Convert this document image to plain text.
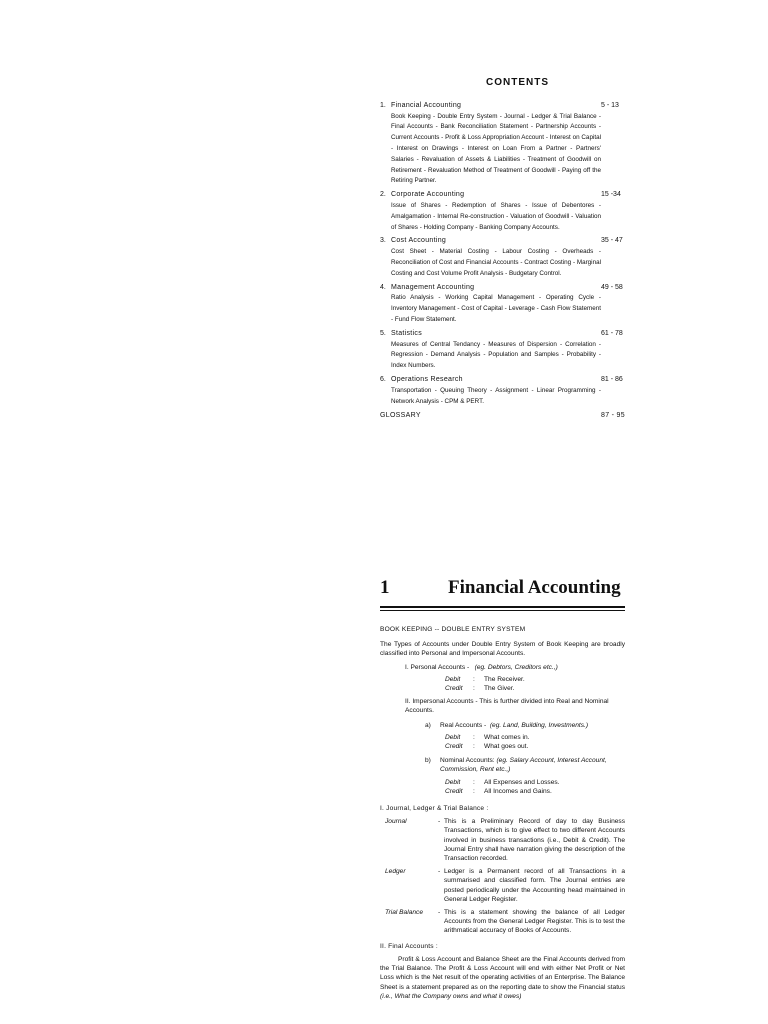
CONTENTS
1. Financial Accounting	5 - 13
Book Keeping - Double Entry System - Journal - Ledger & Trial Balance - Final Accounts - Bank Reconciliation Statement - Partnership Accounts - Current Accounts - Profit & Loss Appropriation Account - Interest on Capital - Interest on Drawings - Interest on Loan From a Partner - Partners' Salaries - Revaluation of Assets & Liabilities - Treatment of Goodwill on Retirement - Revaluation Method of Treatment of Goodwill - Paying off the Retiring Partner.
2. Corporate Accounting	15 -34
Issue of Shares - Redemption of Shares - Issue of Debentores - Amalgamation - Internal Re-construction - Valuation of Goodwill - Valuation of Shares - Holding Company - Banking Company Accounts.
3. Cost Accounting	35 - 47
Cost Sheet - Material Costing - Labour Costing - Overheads - Reconciliation of Cost and Financial Accounts - Contract Costing - Marginal Costing and Cost Volume Profit Analysis - Budgetary Control.
4. Management Accounting	49 - 58
Ratio Analysis - Working Capital Management - Operating Cycle - Inventory Management - Cost of Capital - Leverage - Cash Flow Statement - Fund Flow Statement.
5. Statistics	61 - 78
Measures of Central Tendancy - Measures of Dispersion - Correlation - Regression - Demand Analysis - Population and Samples - Probability - Index Numbers.
6. Operations Research	81 - 86
Transportation - Queuing Theory - Assignment - Linear Programming - Network Analysis - CPM & PERT.
GLOSSARY	87 - 95
1	Financial Accounting
BOOK KEEPING -- DOUBLE ENTRY SYSTEM
The Types of Accounts under Double Entry System of Book Keeping are broadly classified into Personal and Impersonal Accounts.
I. Personal Accounts - (eg. Debtors, Creditors etc.,)
Debit	:	The Receiver.
Credit	:	The Giver.
II. Impersonal Accounts - This is further divided into Real and Nominal Accounts.
a)	Real Accounts - (eg. Land, Building, Investments.)
Debit	:	What comes in.
Credit	:	What goes out.
b)	Nominal Accounts: (eg. Salary Account, Interest Account, Commission, Rent etc.,)
Debit	:	All Expenses and Losses.
Credit	:	All Incomes and Gains.
I. Journal, Ledger & Trial Balance :
Journal	- This is a Preliminary Record of day to day Business Transactions, which is to give effect to two different Accounts involved in business transactions (i.e., Debit & Credit). The Journal Entry shall have narration giving the description of the Transaction recorded.
Ledger	- Ledger is a Permanent record of all Transactions in a summarised and classified form. The Journal entries are posted periodically under the Accounting head maintained in General Ledger Register.
Trial Balance	- This is a statement showing the balance of all Ledger Accounts from the General Ledger Register. This is to test the arithmatical accuracy of Books of Accounts.
II. Final Accounts :
Profit & Loss Account and Balance Sheet are the Final Accounts derived from the Trial Balance. The Profit & Loss Account will end with either Net Profit or Net Loss which is the Net result of the operating activities of an Enterprise. The Balance Sheet is a statement prepared as on the reporting date to show the Financial status (i.e., What the Company owns and what it owes)
